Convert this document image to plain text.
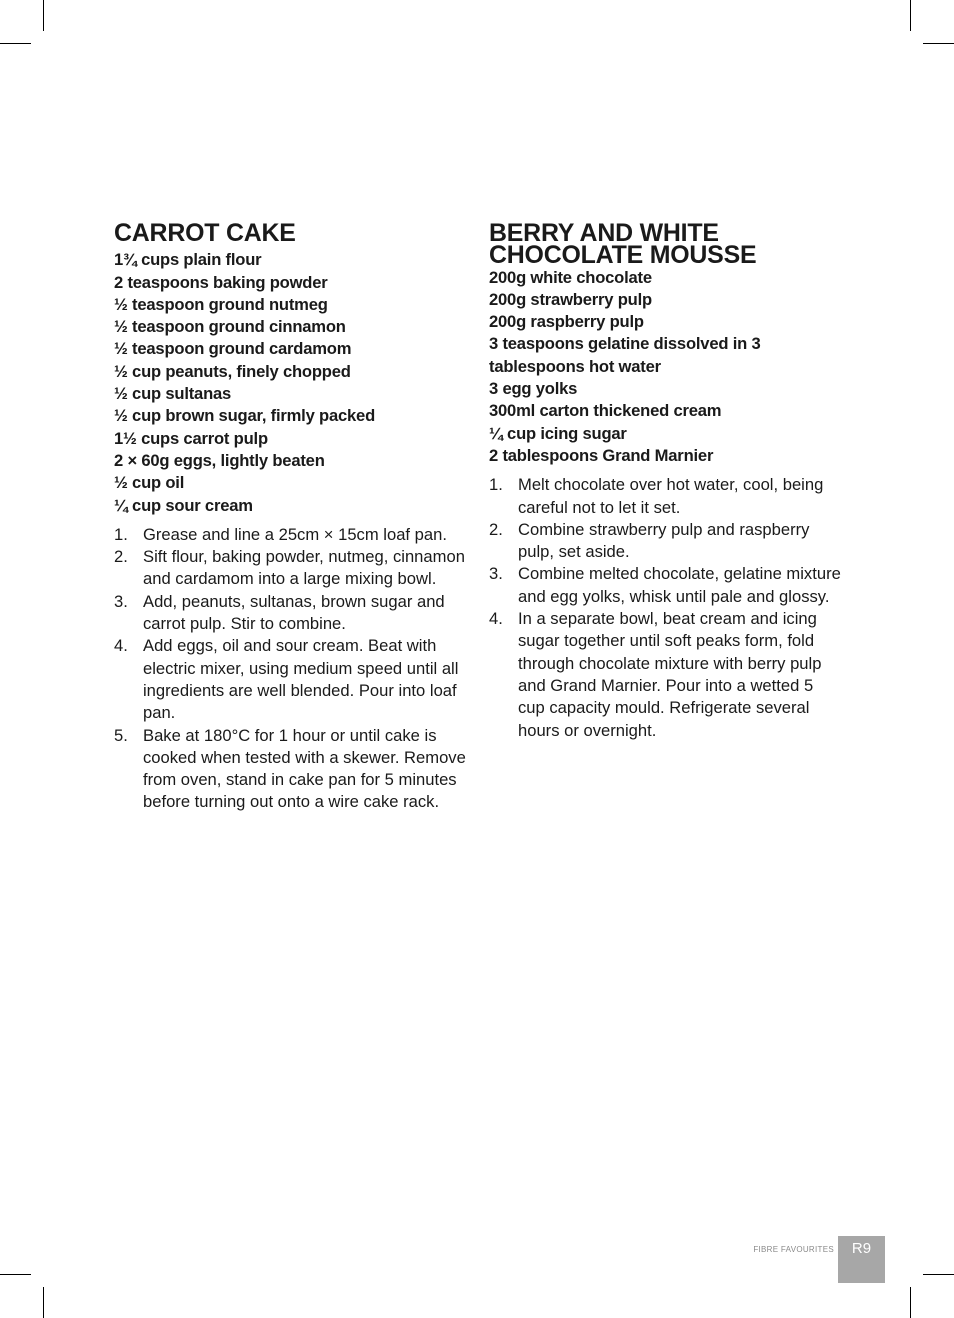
CARROT CAKE
1¾ cups plain flour
2 teaspoons baking powder
½ teaspoon ground nutmeg
½ teaspoon ground cinnamon
½ teaspoon ground cardamom
½ cup peanuts, finely chopped
½ cup sultanas
½ cup brown sugar, firmly packed
1½ cups carrot pulp
2 × 60g eggs, lightly beaten
½ cup oil
¼ cup sour cream
1. Grease and line a 25cm × 15cm loaf pan.
2. Sift flour, baking powder, nutmeg, cinnamon and cardamom into a large mixing bowl.
3. Add, peanuts, sultanas, brown sugar and carrot pulp. Stir to combine.
4. Add eggs, oil and sour cream. Beat with electric mixer, using medium speed until all ingredients are well blended. Pour into loaf pan.
5. Bake at 180°C for 1 hour or until cake is cooked when tested with a skewer. Remove from oven, stand in cake pan for 5 minutes before turning out onto a wire cake rack.
BERRY AND WHITE CHOCOLATE MOUSSE
200g white chocolate
200g strawberry pulp
200g raspberry pulp
3 teaspoons gelatine dissolved in 3 tablespoons hot water
3 egg yolks
300ml carton thickened cream
¼ cup icing sugar
2 tablespoons Grand Marnier
1. Melt chocolate over hot water, cool, being careful not to let it set.
2. Combine strawberry pulp and raspberry pulp, set aside.
3. Combine melted chocolate, gelatine mixture and egg yolks, whisk until pale and glossy.
4. In a separate bowl, beat cream and icing sugar together until soft peaks form, fold through chocolate mixture with berry pulp and Grand Marnier. Pour into a wetted 5 cup capacity mould. Refrigerate several hours or overnight.
FIBRE FAVOURITES R9
